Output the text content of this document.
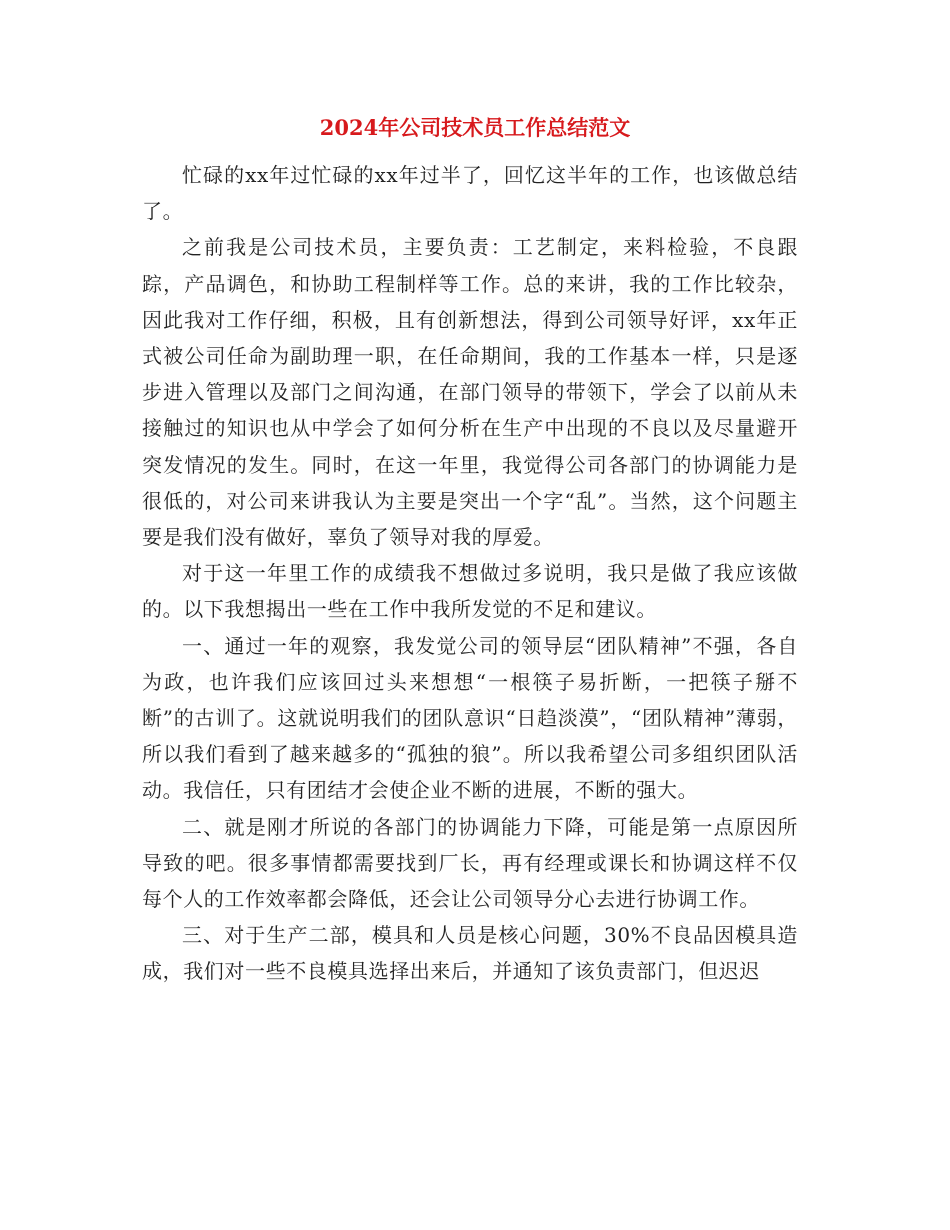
2024年公司技术员工作总结范文

忙碌的xx年过忙碌的xx年过半了，回忆这半年的工作，也该做总结了。

之前我是公司技术员，主要负责：工艺制定，来料检验，不良跟踪，产品调色，和协助工程制样等工作。总的来讲，我的工作比较杂，因此我对工作仔细，积极，且有创新想法，得到公司领导好评，xx年正式被公司任命为副助理一职，在任命期间，我的工作基本一样，只是逐步进入管理以及部门之间沟通，在部门领导的带领下，学会了以前从未接触过的知识也从中学会了如何分析在生产中出现的不良以及尽量避开突发情况的发生。同时，在这一年里，我觉得公司各部门的协调能力是很低的，对公司来讲我认为主要是突出一个字“乱”。当然，这个问题主要是我们没有做好，辜负了领导对我的厚爱。

对于这一年里工作的成绩我不想做过多说明，我只是做了我应该做的。以下我想揭出一些在工作中我所发觉的不足和建议。

一、通过一年的观察，我发觉公司的领导层“团队精神”不强，各自为政，也许我们应该回过头来想想“一根筷子易折断，一把筷子掰不断”的古训了。这就说明我们的团队意识“日趋淡漠”，“团队精神”薄弱，所以我们看到了越来越多的“孤独的狼”。所以我希望公司多组织团队活动。我信任，只有团结才会使企业不断的进展，不断的强大。

二、就是刚才所说的各部门的协调能力下降，可能是第一点原因所导致的吧。很多事情都需要找到厂长，再有经理或课长和协调这样不仅每个人的工作效率都会降低，还会让公司领导分心去进行协调工作。

三、对于生产二部，模具和人员是核心问题，30%不良品因模具造成，我们对一些不良模具选择出来后，并通知了该负责部门，但迟迟
